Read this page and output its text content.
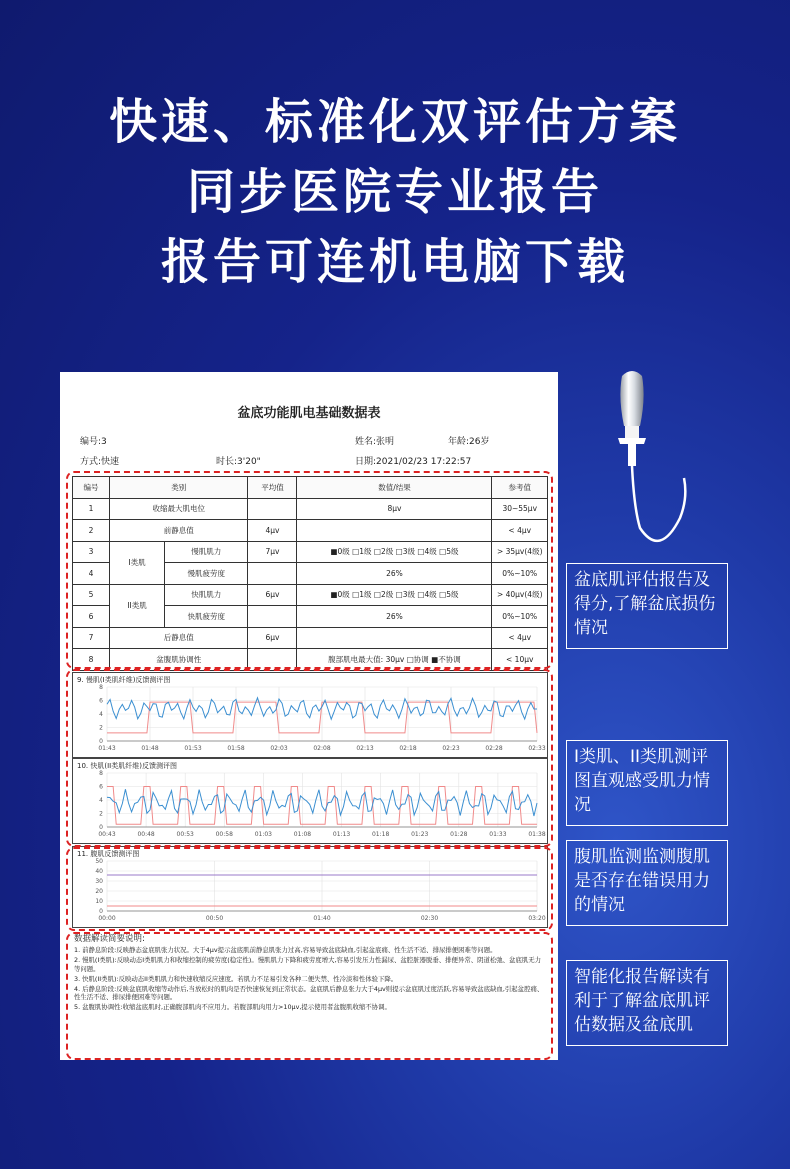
快速、标准化双评估方案
同步医院专业报告
报告可连机电脑下载
盆底功能肌电基础数据表
编号:3	姓名:张明	年龄:26岁
方式:快速	时长:3'20"	日期:2021/02/23 17:22:57
编号	类别		平均值	数值/结果	参考值
1	收缩最大肌电位			8μv	30~55μv
2	前静息值		4μv		< 4μv
3	I类肌	慢肌肌力	7μv	■0级 □1级 □2级 □3级 □4级 □5级	> 35μv(4级)
4		慢肌疲劳度		26%	0%~10%
5	II类肌	快肌肌力	6μv	■0级 □1级 □2级 □3级 □4级 □5级	> 40μv(4级)
6		快肌疲劳度		26%	0%~10%
7	后静息值		6μv		< 4μv
8	盆腹肌协调性			腹部肌电最大值: 30μv □协调 ■不协调	< 10μv
9. 慢肌(I类肌纤维)反馈测评图
8
6
4
2
0
01:43	01:48	01:53	01:58	02:03	02:08	02:13	02:18	02:23	02:28	02:33
10. 快肌(II类肌纤维)反馈测评图
8
6
4
2
0
00:43	00:48	00:53	00:58	01:03	01:08	01:13	01:18	01:23	01:28	01:33	01:38
11. 腹肌反馈测评图
50
40
30
20
10
0
00:00	00:50	01:40	02:30	03:20
数据解读简要说明:
1. 前静息阶段:反映静态盆底肌张力状况。大于4μv提示盆底肌前静息肌张力过高,容易导致盆底缺血,引起盆底痛、性生活不适、排尿排便困难等问题。
2. 慢肌(I类肌):反映动态I类肌肌力和收缩控制的疲劳度(稳定性)。慢肌肌力下降和疲劳度增大,容易引发压力性漏尿、盆腔脏器脱垂、排便异常、阴道松弛、盆底肌无力等问题。
3. 快肌(II类肌):反映动态II类肌肌力和快速收缩反应速度。若肌力不足易引发各种二便失禁、性冷淡和性体验下降。
4. 后静息阶段:反映盆底肌收缩等动作后,当放松时的肌肉是否快速恢复到正常状态。盆底肌后静息张力大于4μv则提示盆底肌过度活跃,容易导致盆底缺血,引起盆腔痛、性生活不适、排尿排便困难等问题。
5. 盆腹肌协调性:收缩盆底肌时,正确腹部肌肉不应用力。若腹部肌肉用力>10μv,提示使用者盆腹肌收缩不协调。
盆底肌评估报告及得分,了解盆底损伤情况
I类肌、II类肌测评图直观感受肌力情况
腹肌监测监测腹肌是否存在错误用力的情况
智能化报告解读有利于了解盆底肌评估数据及盆底肌
